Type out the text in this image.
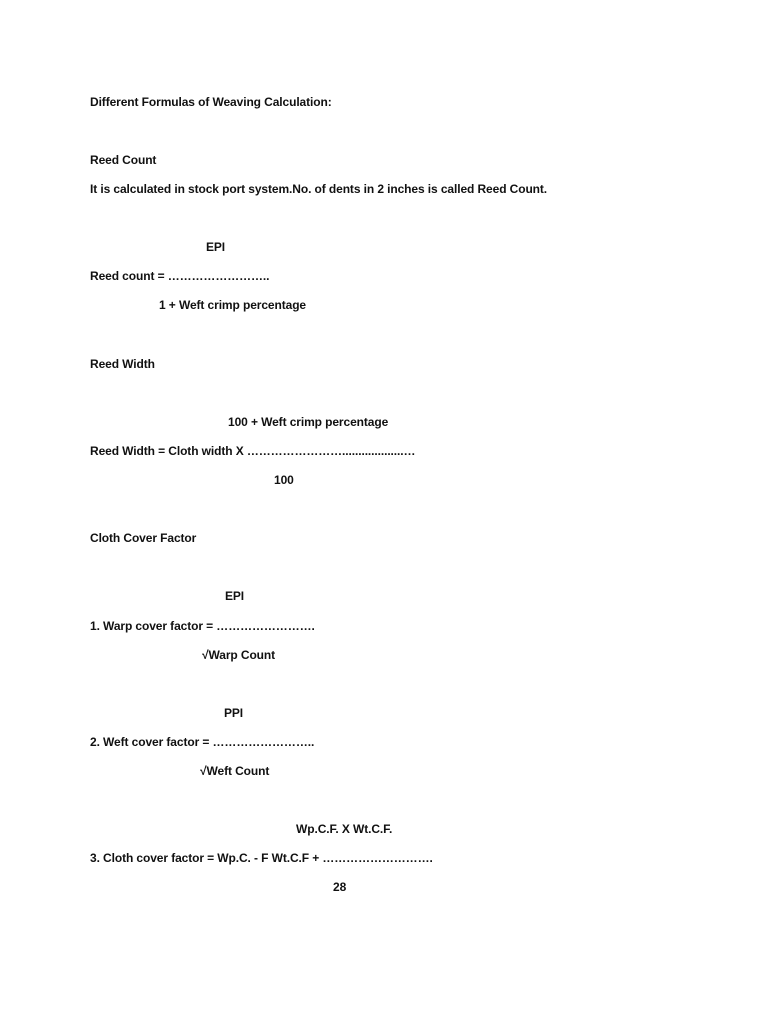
Different Formulas of Weaving Calculation:
Reed Count
It is calculated in stock port system.No. of dents in 2 inches is called Reed Count.
EPI
Reed count = ……………………..
1 + Weft crimp percentage
Reed Width
100 + Weft crimp percentage
Reed Width = Cloth width X ……………………...................…
100
Cloth Cover Factor
EPI
1. Warp cover factor = …………………….
√Warp Count
PPI
2. Weft cover factor = ……………………..
√Weft Count
Wp.C.F. X Wt.C.F.
3. Cloth cover factor = Wp.C. - F Wt.C.F + ……………………….
28
